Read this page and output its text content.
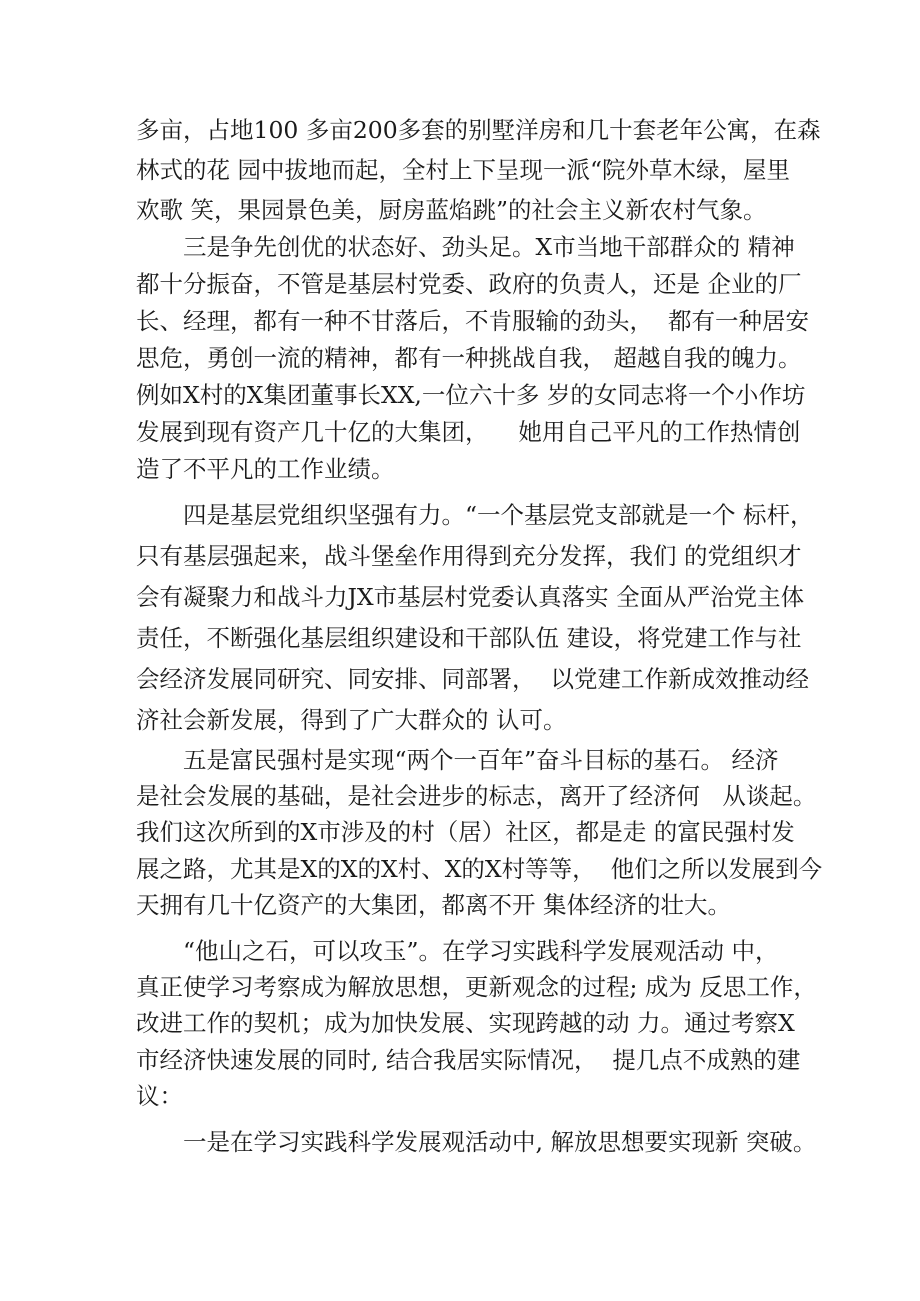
多亩，占地100 多亩200多套的别墅洋房和几十套老年公寓，在森
林式的花 园中拔地而起，全村上下呈现一派“院外草木绿，屋里
欢歌 笑，果园景色美，厨房蓝焰跳”的社会主义新农村气象。
三是争先创优的状态好、劲头足。X市当地干部群众的 精神
都十分振奋，不管是基层村党委、政府的负责人，还是 企业的厂
长、经理，都有一种不甘落后，不肯服输的劲头，  都有一种居安
思危，勇创一流的精神，都有一种挑战自我， 超越自我的魄力。
例如X村的X集团董事长XX,一位六十多 岁的女同志将一个小作坊
发展到现有资产几十亿的大集团，    她用自己平凡的工作热情创
造了不平凡的工作业绩。
四是基层党组织坚强有力。“一个基层党支部就是一个 标杆，
只有基层强起来，战斗堡垒作用得到充分发挥，我们 的党组织才
会有凝聚力和战斗力JX市基层村党委认真落实 全面从严治党主体
责任，不断强化基层组织建设和干部队伍 建设，将党建工作与社
会经济发展同研究、同安排、同部署，  以党建工作新成效推动经
济社会新发展，得到了广大群众的 认可。
五是富民强村是实现“两个一百年”奋斗目标的基石。 经济
是社会发展的基础，是社会进步的标志，离开了经济何   从谈起。
我们这次所到的X市涉及的村（居）社区，都是走 的富民强村发
展之路，尤其是X的X的X村、X的X村等等，  他们之所以发展到今
天拥有几十亿资产的大集团，都离不开 集体经济的壮大。
“他山之石，可以攻玉”。在学习实践科学发展观活动 中，
真正使学习考察成为解放思想，更新观念的过程; 成为 反思工作，
改进工作的契机；成为加快发展、实现跨越的动 力。通过考察X
市经济快速发展的同时, 结合我居实际情况，  提几点不成熟的建
议：
一是在学习实践科学发展观活动中, 解放思想要实现新 突破。
